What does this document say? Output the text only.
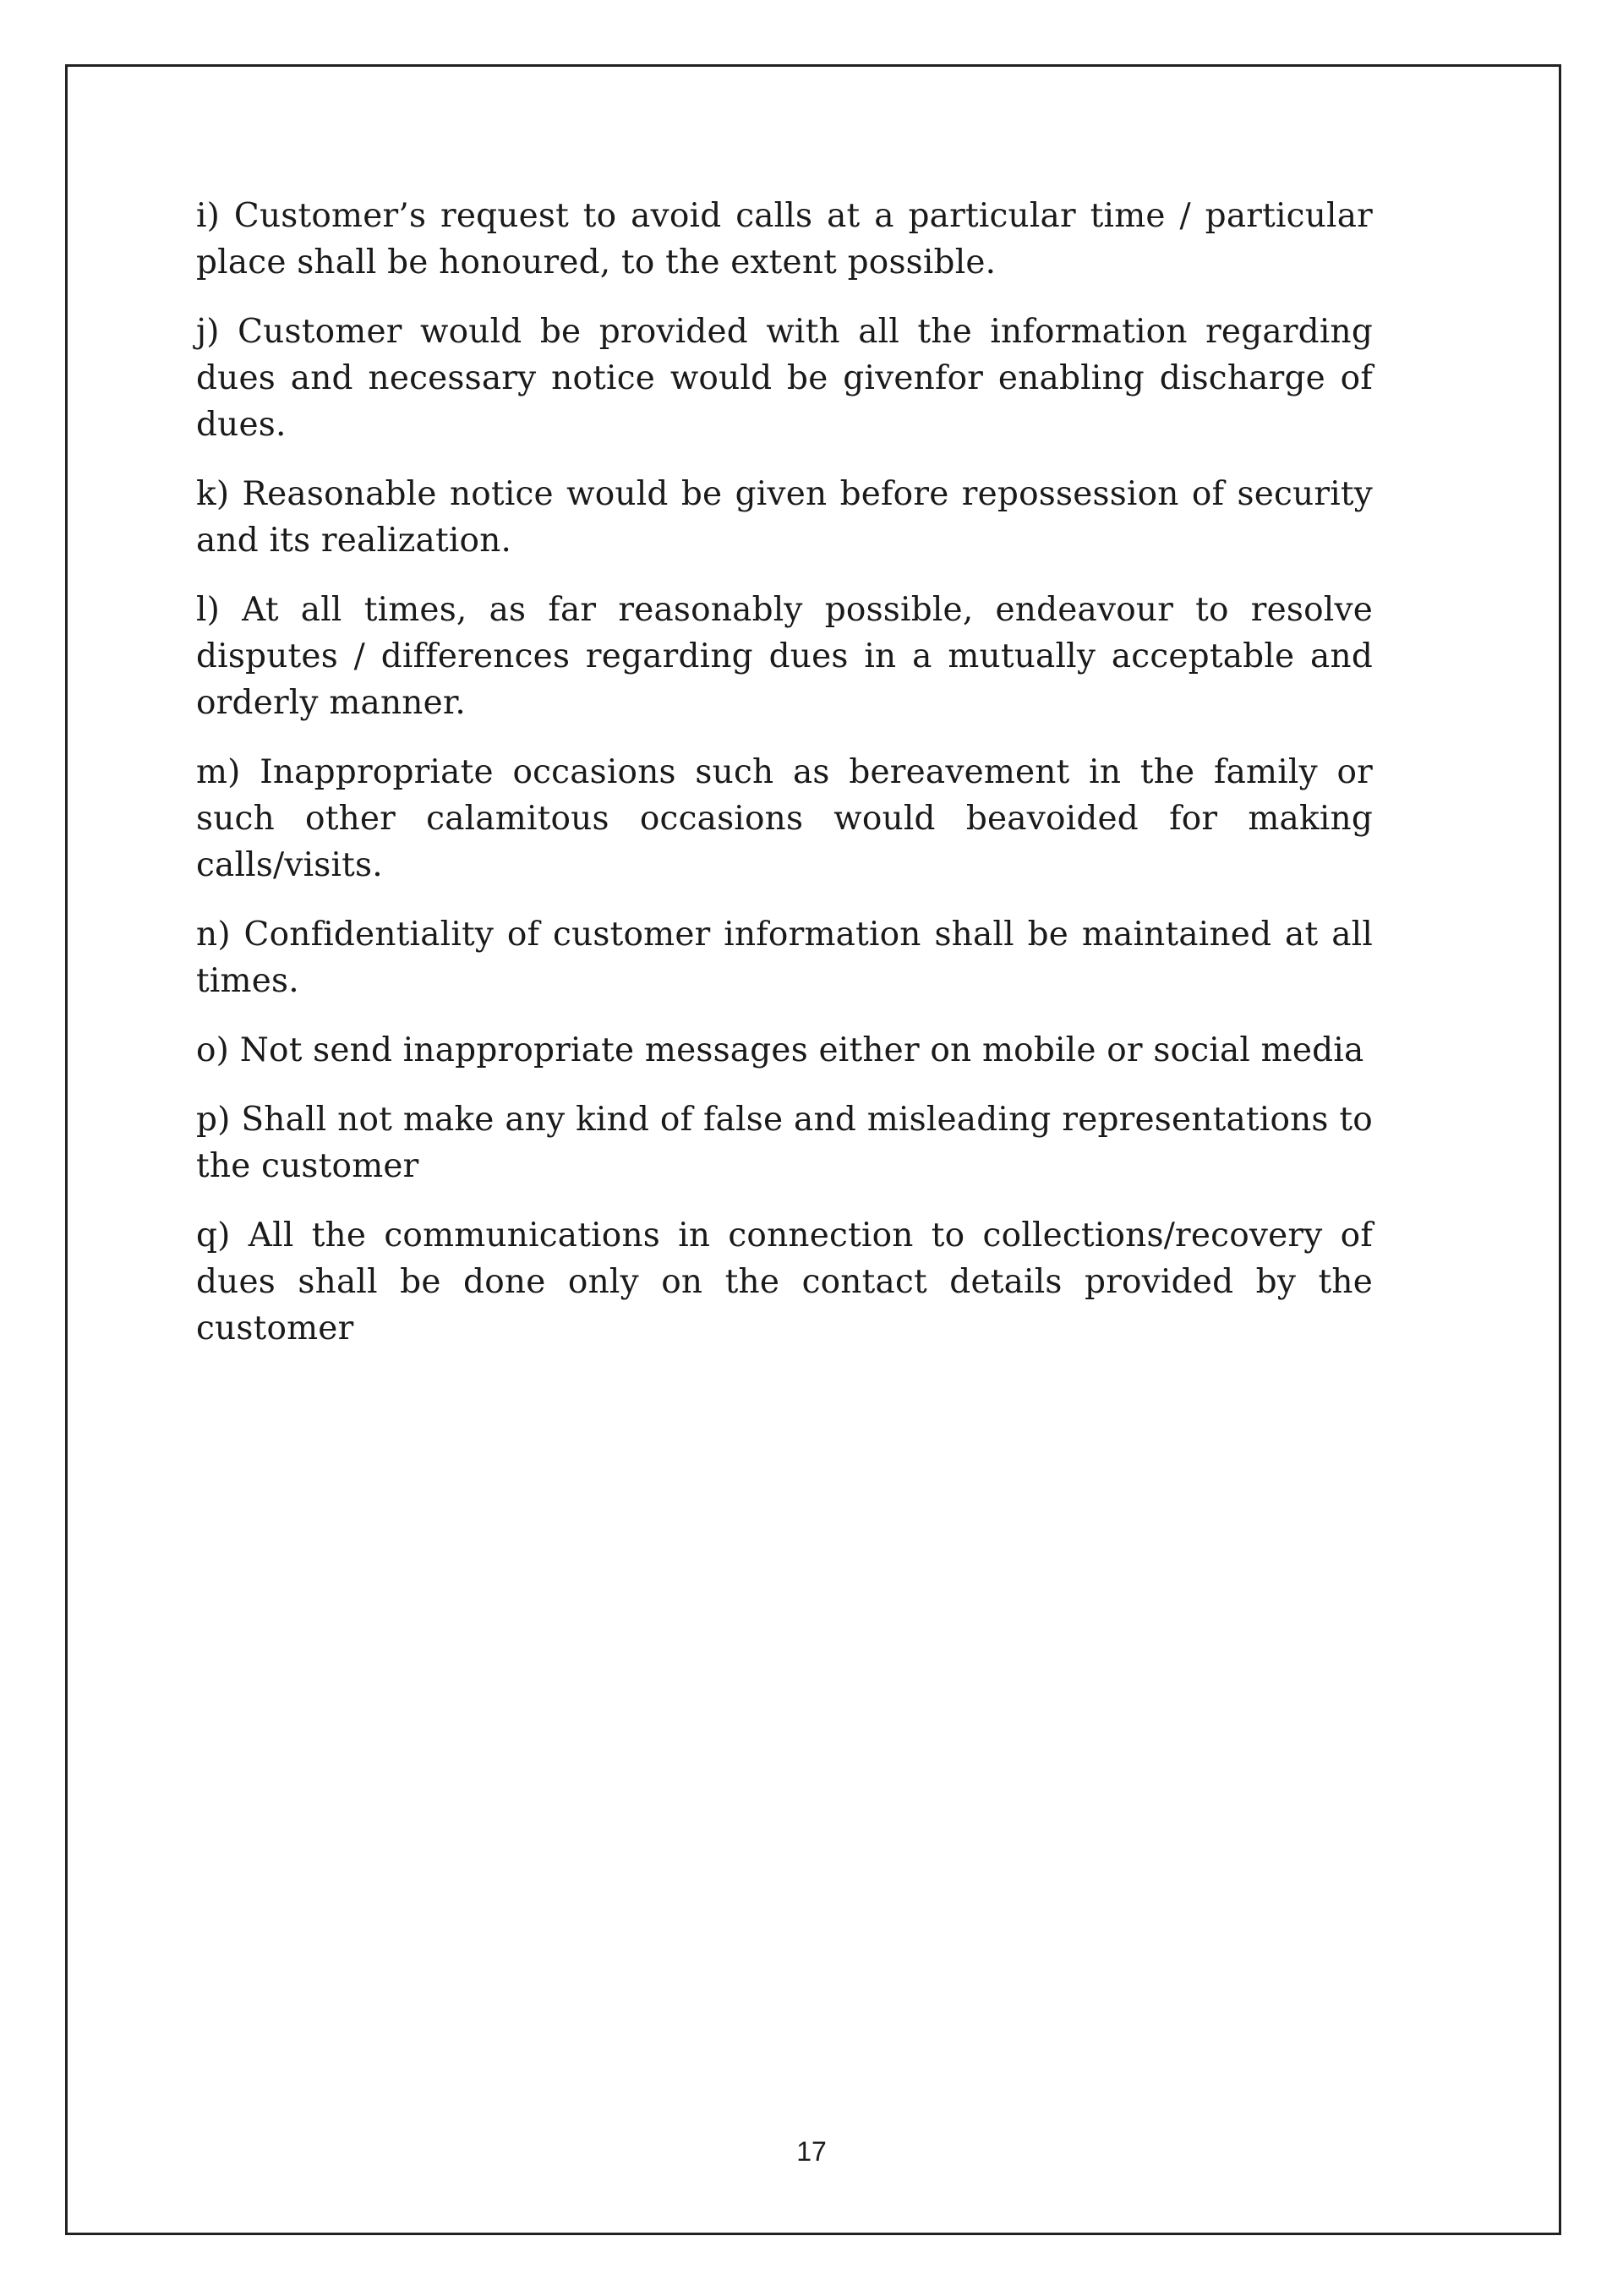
i) Customer’s request to avoid calls at a particular time / particular place shall be honoured, to the extent possible.

j) Customer would be provided with all the information regarding dues and necessary notice would be givenfor enabling discharge of dues.

k) Reasonable notice would be given before repossession of security and its realization.

l) At all times, as far reasonably possible, endeavour to resolve disputes / differences regarding dues in a mutually acceptable and orderly manner.

m) Inappropriate occasions such as bereavement in the family or such other calamitous occasions would beavoided for making calls/visits.

n) Confidentiality of customer information shall be maintained at all times.

o) Not send inappropriate messages either on mobile or social media

p) Shall not make any kind of false and misleading representations to the customer

q) All the communications in connection to collections/recovery of dues shall be done only on the contact details provided by the customer

17
